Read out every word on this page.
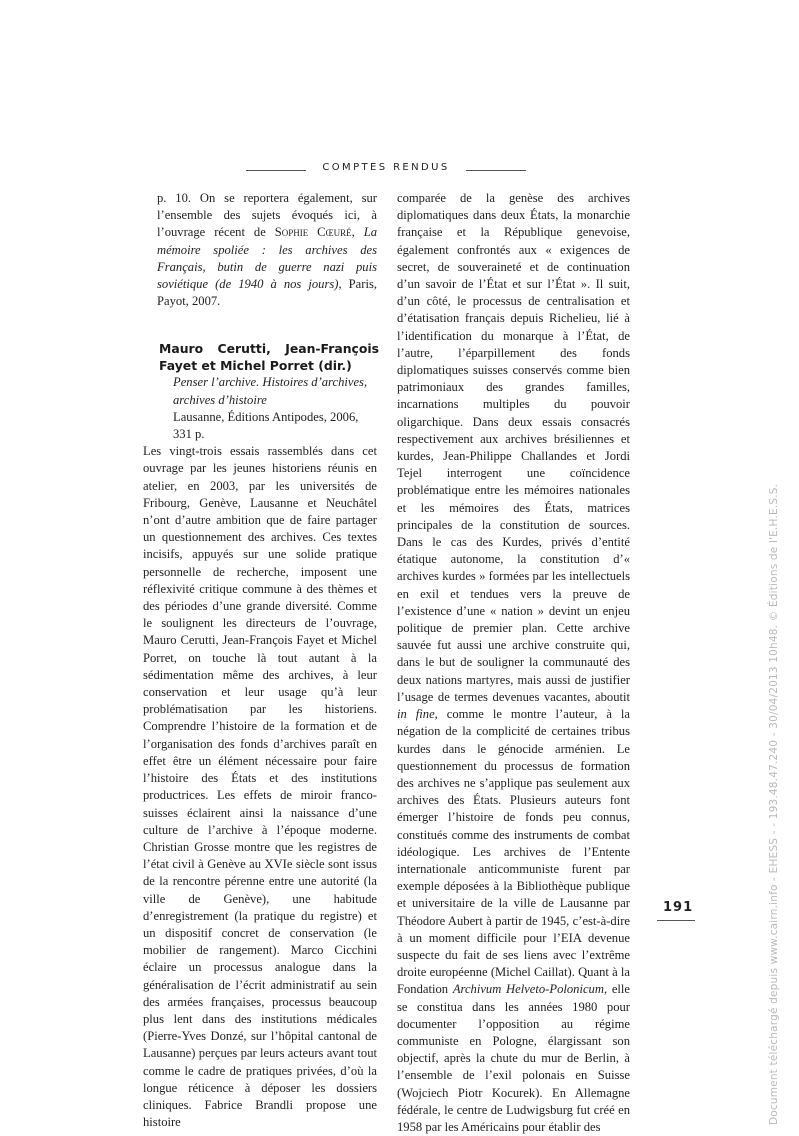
COMPTES RENDUS

p. 10. On se reportera également, sur l’ensemble des sujets évoqués ici, à l’ouvrage récent de Sophie Cœuré, La mémoire spoliée : les archives des Français, butin de guerre nazi puis soviétique (de 1940 à nos jours), Paris, Payot, 2007.

Mauro Cerutti, Jean-François Fayet et Michel Porret (dir.)
Penser l’archive. Histoires d’archives, archives d’histoire
Lausanne, Éditions Antipodes, 2006,
331 p.

Les vingt-trois essais rassemblés dans cet ouvrage par les jeunes historiens réunis en atelier, en 2003, par les universités de Fribourg, Genève, Lausanne et Neuchâtel n’ont d’autre ambition que de faire partager un questionnement des archives. Ces textes incisifs, appuyés sur une solide pratique personnelle de recherche, imposent une réflexivité critique commune à des thèmes et des périodes d’une grande diversité. Comme le soulignent les directeurs de l’ouvrage, Mauro Cerutti, Jean-François Fayet et Michel Porret, on touche là tout autant à la sédimentation même des archives, à leur conservation et leur usage qu’à leur problématisation par les historiens. Comprendre l’histoire de la formation et de l’organisation des fonds d’archives paraît en effet être un élément nécessaire pour faire l’histoire des États et des institutions productrices. Les effets de miroir franco-suisses éclairent ainsi la naissance d’une culture de l’archive à l’époque moderne. Christian Grosse montre que les registres de l’état civil à Genève au XVIe siècle sont issus de la rencontre pérenne entre une autorité (la ville de Genève), une habitude d’enregistrement (la pratique du registre) et un dispositif concret de conservation (le mobilier de rangement). Marco Cicchini éclaire un processus analogue dans la généralisation de l’écrit administratif au sein des armées françaises, processus beaucoup plus lent dans des institutions médicales (Pierre-Yves Donzé, sur l’hôpital cantonal de Lausanne) perçues par leurs acteurs avant tout comme le cadre de pratiques privées, d’où la longue réticence à déposer les dossiers cliniques. Fabrice Brandli propose une histoire

comparée de la genèse des archives diplomatiques dans deux États, la monarchie française et la République genevoise, également confrontés aux « exigences de secret, de souveraineté et de continuation d’un savoir de l’État et sur l’État ». Il suit, d’un côté, le processus de centralisation et d’étatisation français depuis Richelieu, lié à l’identification du monarque à l’État, de l’autre, l’éparpillement des fonds diplomatiques suisses conservés comme bien patrimoniaux des grandes familles, incarnations multiples du pouvoir oligarchique. Dans deux essais consacrés respectivement aux archives brésiliennes et kurdes, Jean-Philippe Challandes et Jordi Tejel interrogent une coïncidence problématique entre les mémoires nationales et les mémoires des États, matrices principales de la constitution de sources. Dans le cas des Kurdes, privés d’entité étatique autonome, la constitution d’« archives kurdes » formées par les intellectuels en exil et tendues vers la preuve de l’existence d’une « nation » devint un enjeu politique de premier plan. Cette archive sauvée fut aussi une archive construite qui, dans le but de souligner la communauté des deux nations martyres, mais aussi de justifier l’usage de termes devenues vacantes, aboutit in fine, comme le montre l’auteur, à la négation de la complicité de certaines tribus kurdes dans le génocide arménien. Le questionnement du processus de formation des archives ne s’applique pas seulement aux archives des États. Plusieurs auteurs font émerger l’histoire de fonds peu connus, constitués comme des instruments de combat idéologique. Les archives de l’Entente internationale anticommuniste furent par exemple déposées à la Bibliothèque publique et universitaire de la ville de Lausanne par Théodore Aubert à partir de 1945, c’est-à-dire à un moment difficile pour l’EIA devenue suspecte du fait de ses liens avec l’extrême droite européenne (Michel Caillat). Quant à la Fondation Archivum Helveto-Polonicum, elle se constitua dans les années 1980 pour documenter l’opposition au régime communiste en Pologne, élargissant son objectif, après la chute du mur de Berlin, à l’ensemble de l’exil polonais en Suisse (Wojciech Piotr Kocurek). En Allemagne fédérale, le centre de Ludwigsburg fut créé en 1958 par les Américains pour établir des

191	Document téléchargé depuis www.cairn.info - EHESS - - 193.48.47.240 - 30/04/2013 10h48. © Éditions de l'E.H.E.S.S.
